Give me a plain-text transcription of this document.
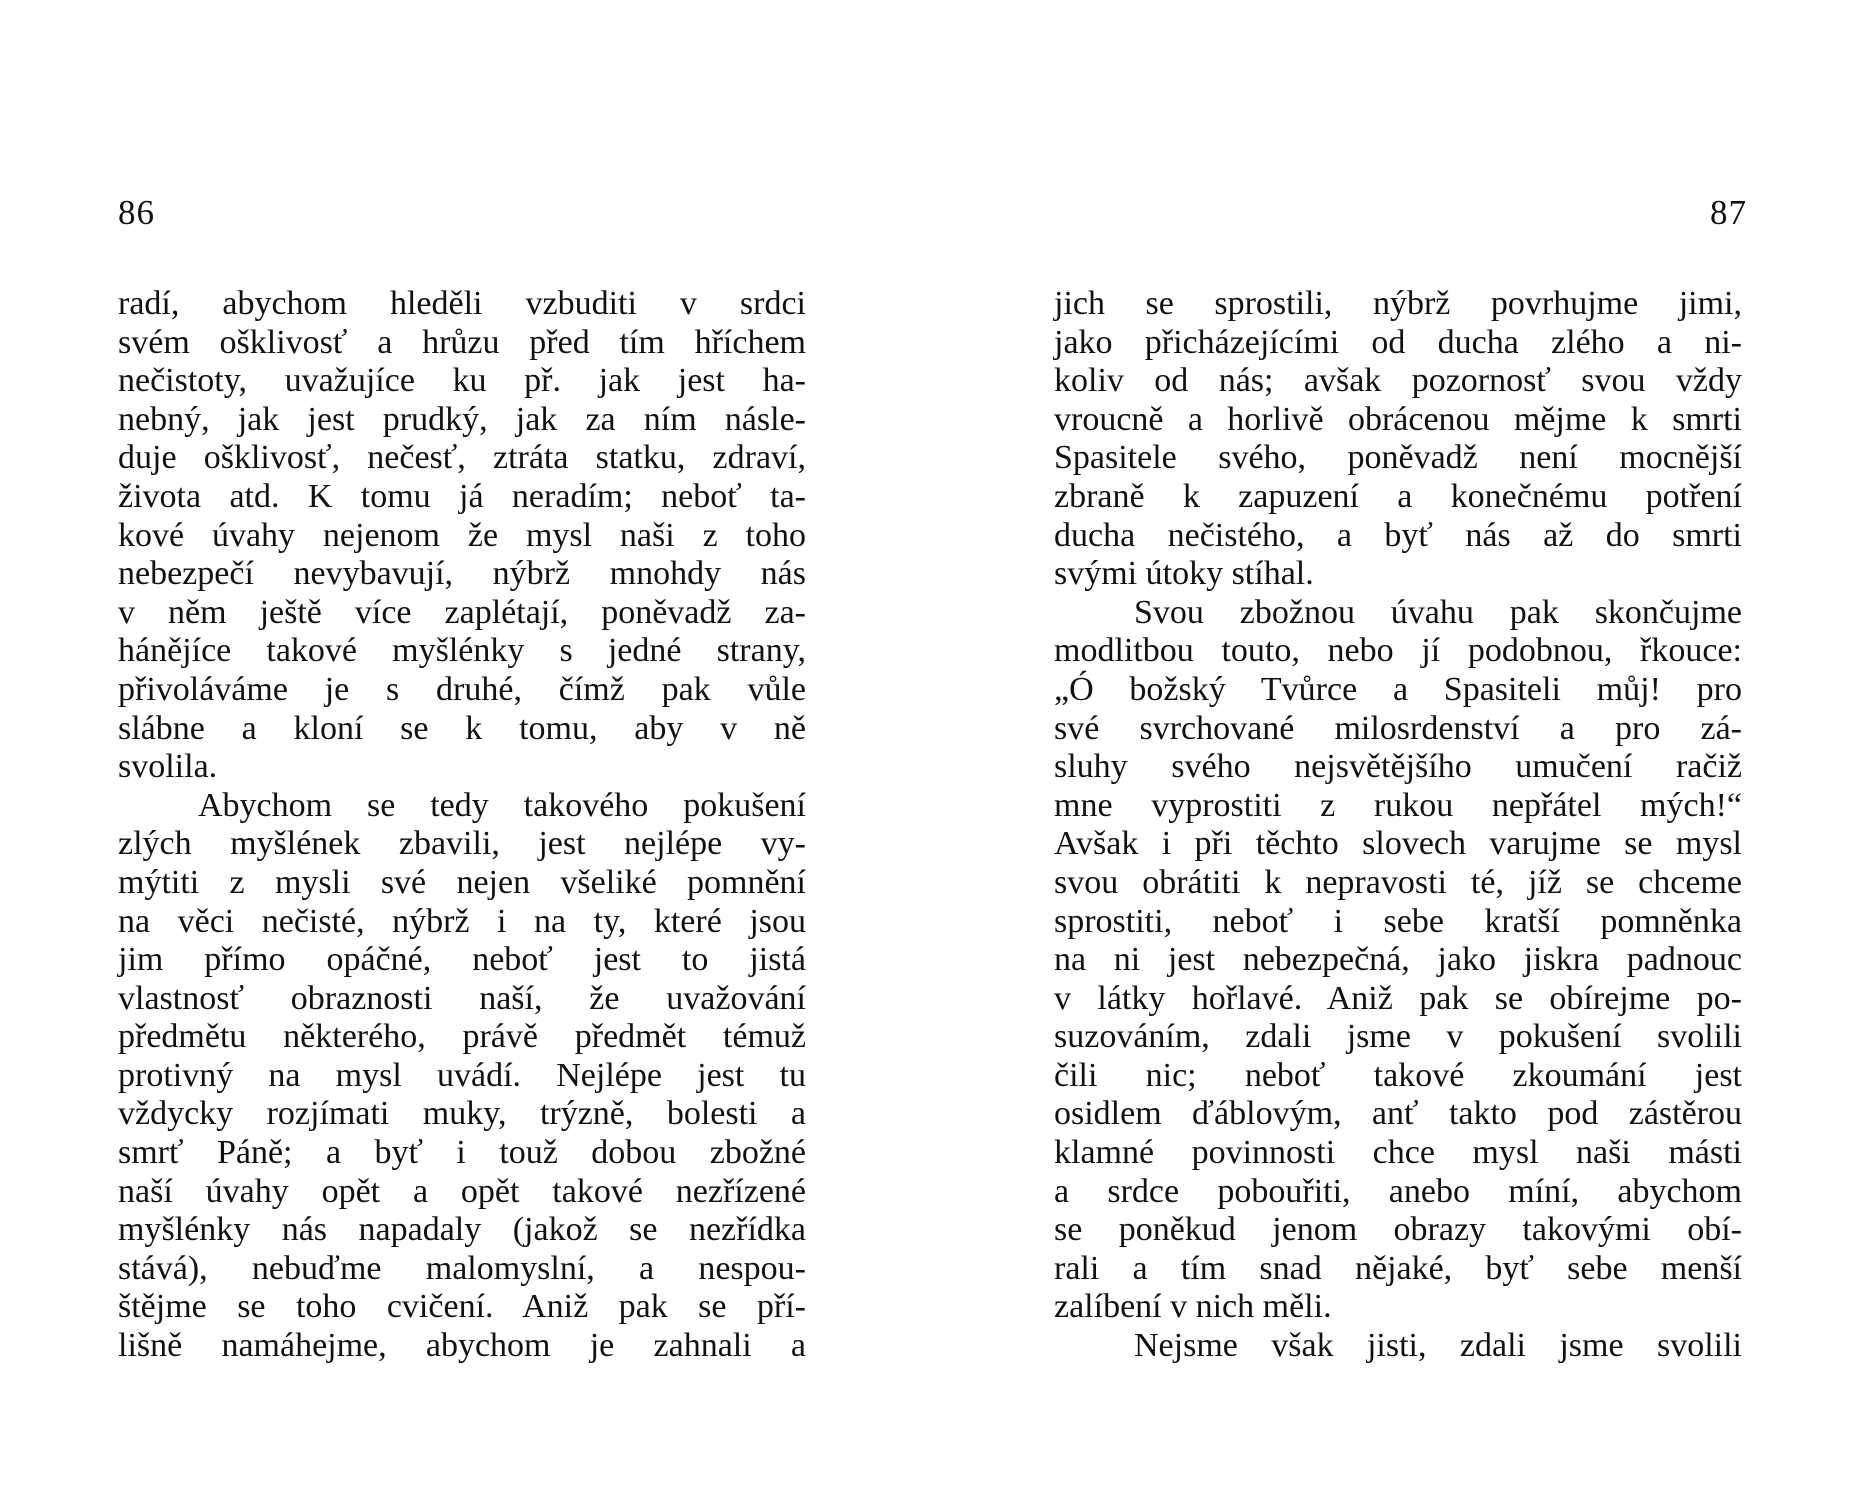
86
radí, abychom hleděli vzbuditi v srdci
svém ošklivosť a hrůzu před tím hříchem
nečistoty, uvažujíce ku př. jak jest ha-
nebný, jak jest prudký, jak za ním násle-
duje ošklivosť, nečesť, ztráta statku, zdraví,
života atd. K tomu já neradím; neboť ta-
kové úvahy nejenom že mysl naši z toho
nebezpečí nevybavují, nýbrž mnohdy nás
v něm ještě více zaplétají, poněvadž za-
hánějíce takové myšlénky s jedné strany,
přivoláváme je s druhé, čímž pak vůle
slábne a kloní se k tomu, aby v ně
svolila.
Abychom se tedy takového pokušení
zlých myšlének zbavili, jest nejlépe vy-
mýtiti z mysli své nejen všeliké pomnění
na věci nečisté, nýbrž i na ty, které jsou
jim přímo opáčné, neboť jest to jistá
vlastnosť obraznosti naší, že uvažování
předmětu některého, právě předmět témuž
protivný na mysl uvádí. Nejlépe jest tu
vždycky rozjímati muky, trýzně, bolesti a
smrť Páně; a byť i touž dobou zbožné
naší úvahy opět a opět takové nezřízené
myšlénky nás napadaly (jakož se nezřídka
stává), nebuďme malomyslní, a nespou-
štějme se toho cvičení. Aniž pak se pří-
lišně namáhejme, abychom je zahnali a
87
jich se sprostili, nýbrž povrhujme jimi,
jako přicházejícími od ducha zlého a ni-
koliv od nás; avšak pozornosť svou vždy
vroucně a horlivě obrácenou mějme k smrti
Spasitele svého, poněvadž není mocnější
zbraně k zapuzení a konečnému potření
ducha nečistého, a byť nás až do smrti
svými útoky stíhal.
Svou zbožnou úvahu pak skončujme
modlitbou touto, nebo jí podobnou, řkouce:
„Ó božský Tvůrce a Spasiteli můj! pro
své svrchované milosrdenství a pro zá-
sluhy svého nejsvětějšího umučení račiž
mne vyprostiti z rukou nepřátel mých!“
Avšak i při těchto slovech varujme se mysl
svou obrátiti k nepravosti té, jíž se chceme
sprostiti, neboť i sebe kratší pomněnka
na ni jest nebezpečná, jako jiskra padnouc
v látky hořlavé. Aniž pak se obírejme po-
suzováním, zdali jsme v pokušení svolili
čili nic; neboť takové zkoumání jest
osidlem ďáblovým, anť takto pod zástěrou
klamné povinnosti chce mysl naši másti
a srdce pobouřiti, anebo míní, abychom
se poněkud jenom obrazy takovými obí-
rali a tím snad nějaké, byť sebe menší
zalíbení v nich měli.
Nejsme však jisti, zdali jsme svolili
